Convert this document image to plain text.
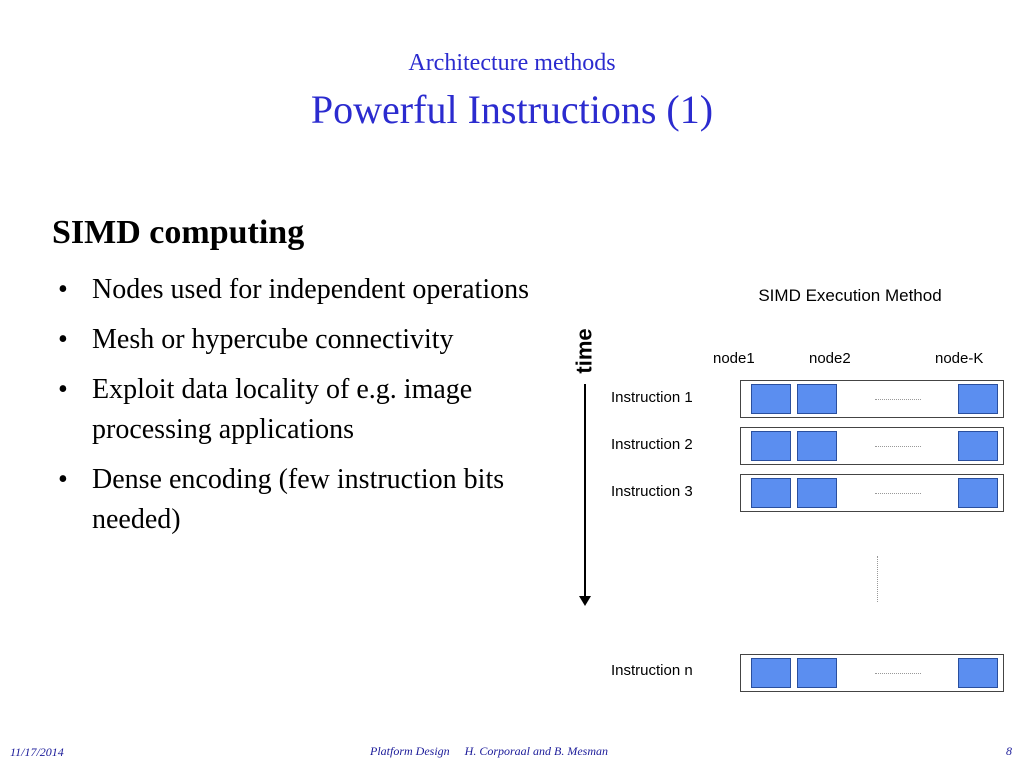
Architecture methods
Powerful Instructions (1)
SIMD computing
• Nodes used for independent operations
• Mesh or hypercube connectivity
• Exploit data locality of e.g. image processing applications
• Dense encoding (few instruction bits needed)
SIMD Execution Method
time	node1	node2	node-K
Instruction 1
Instruction 2
Instruction 3
Instruction n
11/17/2014	Platform Design H. Corporaal and B. Mesman	8
